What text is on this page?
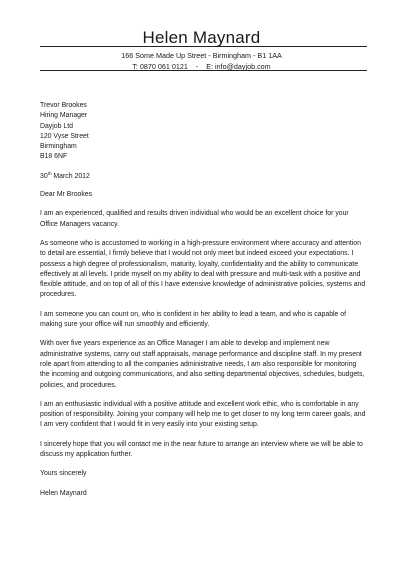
Helen Maynard
166 Some Made Up Street - Birmingham - B1 1AA
T: 0870 061 0121    -    E: info@dayjob.com
Trevor Brookes
Hiring Manager
Dayjob Ltd
120 Vyse Street
Birmingham
B18 6NF
30th March 2012

Dear Mr Brookes

I am an experienced, qualified and results driven individual who would be an excellent choice for your Office Managers vacancy.

As someone who is accustomed to working in a high-pressure environment where accuracy and attention to detail are essential, I firmly believe that I would not only meet but indeed exceed your expectations. I possess a high degree of professionalism, maturity, loyalty, confidentiality and the ability to communicate effectively at all levels. I pride myself on my ability to deal with pressure and multi-task with a positive and flexible attitude, and on top of all of this I have extensive knowledge of administrative policies, systems and procedures.

I am someone you can count on, who is confident in her ability to lead a team, and who is capable of making sure your office will run smoothly and efficiently.

With over five years experience as an Office Manager I am able to develop and implement new administrative systems, carry out staff appraisals, manage performance and discipline staff. In my present role apart from attending to all the companies administrative needs, I am also responsible for monitoring the incoming and outgoing communications, and also setting departmental objectives, schedules, budgets, policies, and procedures.

I am an enthusiastic individual with a positive attitude and excellent work ethic, who is comfortable in any position of responsibility. Joining your company will help me to get closer to my long term career goals, and I am very confident that I would fit in very easily into your existing setup.

I sincerely hope that you will contact me in the near future to arrange an interview where we will be able to discuss my application further.

Yours sincerely

Helen Maynard
